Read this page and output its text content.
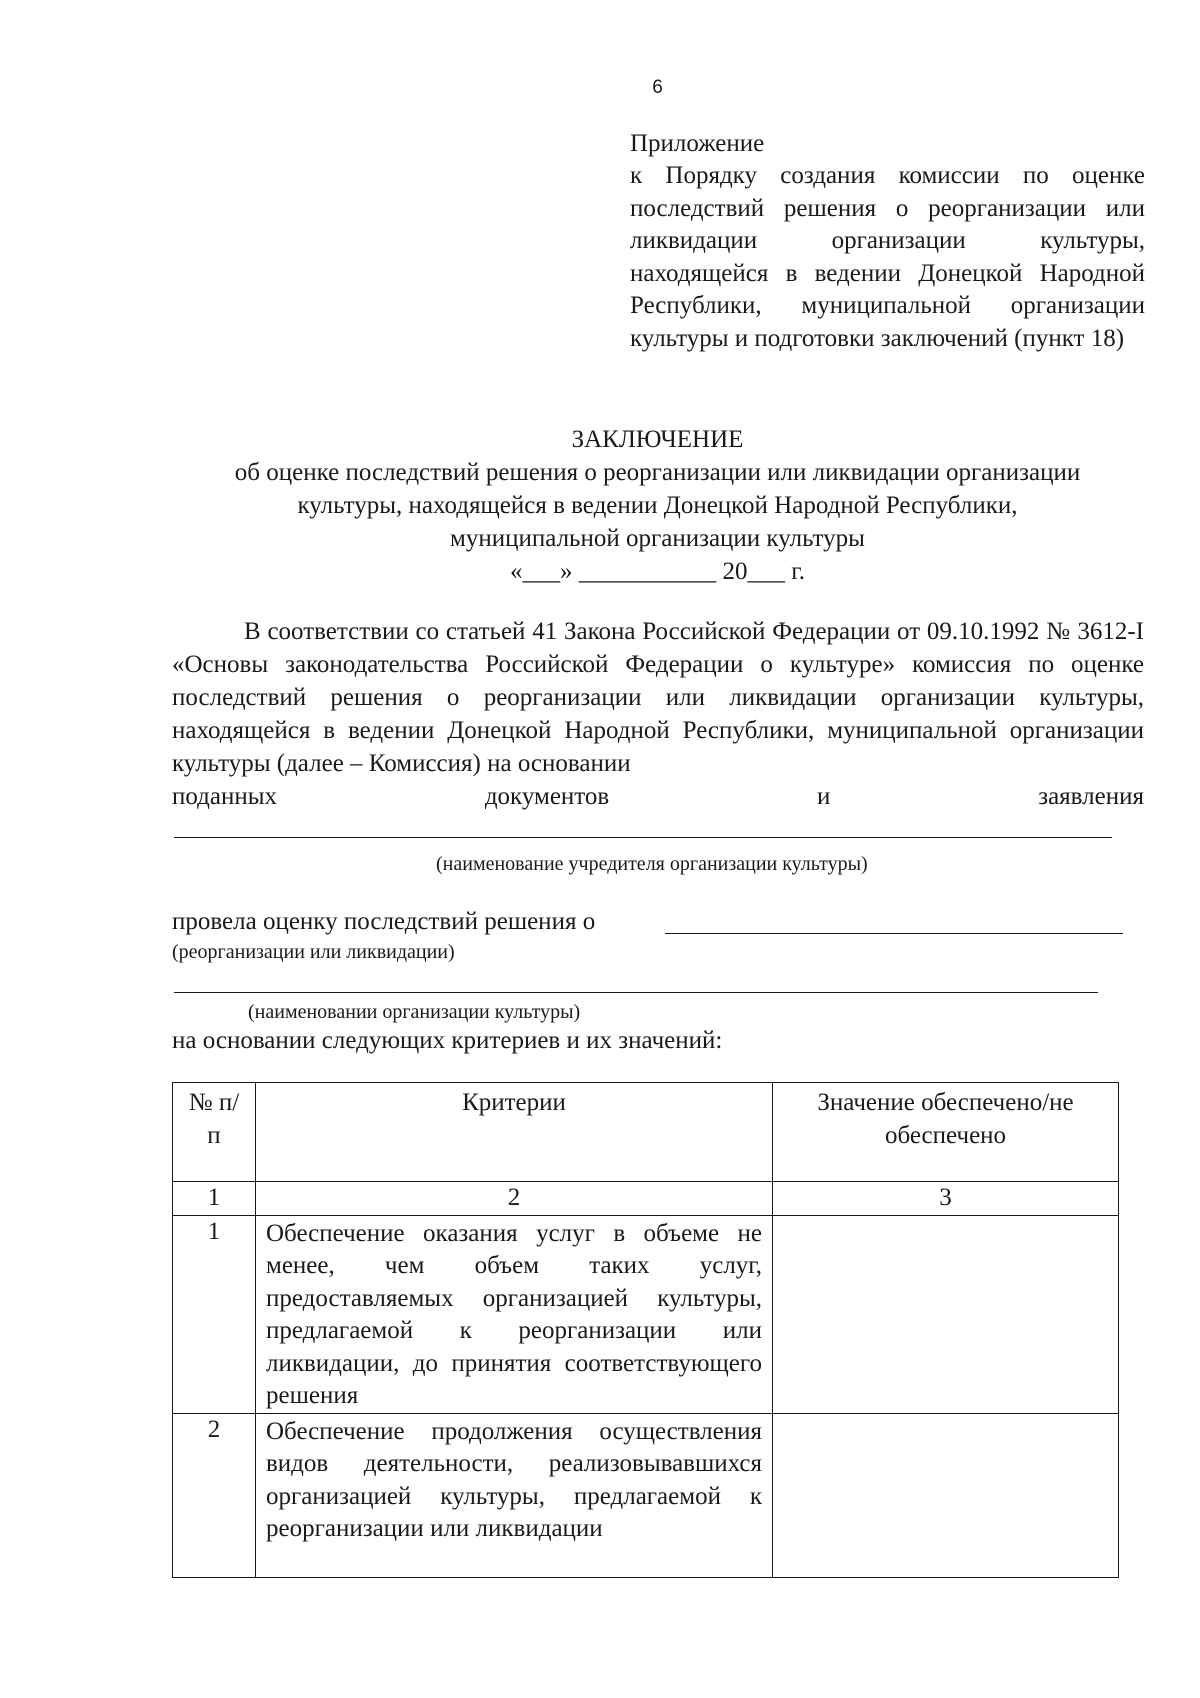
6
Приложение
к Порядку создания комиссии по оценке последствий решения о реорганизации или ликвидации организации культуры, находящейся в ведении Донецкой Народной Республики, муниципальной организации культуры и подготовки заключений (пункт 18)
ЗАКЛЮЧЕНИЕ
об оценке последствий решения о реорганизации или ликвидации организации
культуры, находящейся в ведении Донецкой Народной Республики,
муниципальной организации культуры
«___» ___________ 20___ г.
В соответствии со статьей 41 Закона Российской Федерации от 09.10.1992 № 3612-I «Основы законодательства Российской Федерации о культуре» комиссия по оценке последствий решения о реорганизации или ликвидации организации культуры, находящейся в ведении Донецкой Народной Республики, муниципальной организации культуры (далее – Комиссия) на основании
поданных	документов	и	заявления
(наименование учредителя организации культуры)
провела оценку последствий решения о
(реорганизации или ликвидации)
(наименовании организации культуры)
на основании следующих критериев и их значений:
№ п/п	Критерии	Значение обеспечено/не обеспечено

1	2	3
1	Обеспечение оказания услуг в объеме не менее, чем объем таких услуг, предоставляемых организацией культуры, предлагаемой к реорганизации или ликвидации, до принятия соответствующего решения	

2	Обеспечение продолжения осуществления видов деятельности, реализовывавшихся организацией культуры, предлагаемой к реорганизации или ликвидации	
